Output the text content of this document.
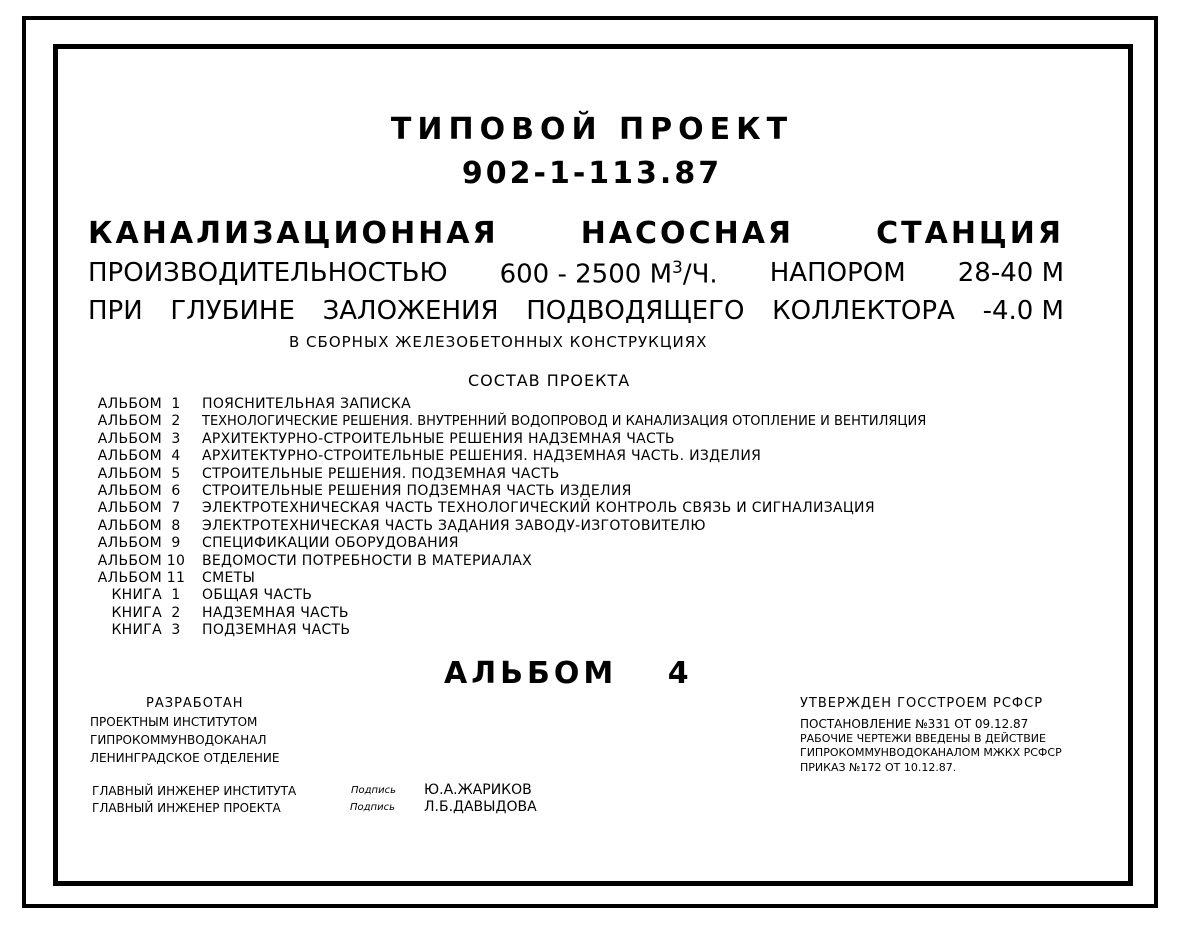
ТИПОВОЙ ПРОЕКТ
902-1-113.87
КАНАЛИЗАЦИОННАЯ	НАСОСНАЯ	СТАНЦИЯ
ПРОИЗВОДИТЕЛЬНОСТЬЮ 600 - 2500 $М^3/Ч$. НАПОРОМ 28-40 М
ПРИ ГЛУБИНЕ ЗАЛОЖЕНИЯ ПОДВОДЯЩЕГО КОЛЛЕКТОРА -4.0 М
В СБОРНЫХ ЖЕЛЕЗОБЕТОННЫХ КОНСТРУКЦИЯХ
СОСТАВ ПРОЕКТА
АЛЬБОМ 1	ПОЯСНИТЕЛЬНАЯ ЗАПИСКА
АЛЬБОМ 2	ТЕХНОЛОГИЧЕСКИЕ РЕШЕНИЯ. ВНУТРЕННИЙ ВОДОПРОВОД И КАНАЛИЗАЦИЯ ОТОПЛЕНИЕ И ВЕНТИЛЯЦИЯ
АЛЬБОМ 3	АРХИТЕКТУРНО-СТРОИТЕЛЬНЫЕ РЕШЕНИЯ НАДЗЕМНАЯ ЧАСТЬ
АЛЬБОМ 4	АРХИТЕКТУРНО-СТРОИТЕЛЬНЫЕ РЕШЕНИЯ. НАДЗЕМНАЯ ЧАСТЬ. ИЗДЕЛИЯ
АЛЬБОМ 5	СТРОИТЕЛЬНЫЕ РЕШЕНИЯ. ПОДЗЕМНАЯ ЧАСТЬ
АЛЬБОМ 6	СТРОИТЕЛЬНЫЕ РЕШЕНИЯ ПОДЗЕМНАЯ ЧАСТЬ ИЗДЕЛИЯ
АЛЬБОМ 7	ЭЛЕКТРОТЕХНИЧЕСКАЯ ЧАСТЬ ТЕХНОЛОГИЧЕСКИЙ КОНТРОЛЬ СВЯЗЬ И СИГНАЛИЗАЦИЯ
АЛЬБОМ 8	ЭЛЕКТРОТЕХНИЧЕСКАЯ ЧАСТЬ ЗАДАНИЯ ЗАВОДУ-ИЗГОТОВИТЕЛЮ
АЛЬБОМ 9	СПЕЦИФИКАЦИИ ОБОРУДОВАНИЯ
АЛЬБОМ 10	ВЕДОМОСТИ ПОТРЕБНОСТИ В МАТЕРИАЛАХ
АЛЬБОМ 11	СМЕТЫ
КНИГА 1	ОБЩАЯ ЧАСТЬ
КНИГА 2	НАДЗЕМНАЯ ЧАСТЬ
КНИГА 3	ПОДЗЕМНАЯ ЧАСТЬ
АЛЬБОМ 4
РАЗРАБОТАН
ПРОЕКТНЫМ ИНСТИТУТОМ
ГИПРОКОММУНВОДОКАНАЛ
ЛЕНИНГРАДСКОЕ ОТДЕЛЕНИЕ
УТВЕРЖДЕН ГОССТРОЕМ РСФСР
ПОСТАНОВЛЕНИЕ №331 ОТ 09.12.87
РАБОЧИЕ ЧЕРТЕЖИ ВВЕДЕНЫ В ДЕЙСТВИЕ
ГИПРОКОММУНВОДОКАНАЛОМ МЖКХ РСФСР
ПРИКАЗ №172 ОТ 10.12.87.
ГЛАВНЫЙ ИНЖЕНЕР ИНСТИТУТА	Подпись Ю.А.ЖАРИКОВ
ГЛАВНЫЙ ИНЖЕНЕР ПРОЕКТА	Подпись Л.Б.ДАВЫДОВА
